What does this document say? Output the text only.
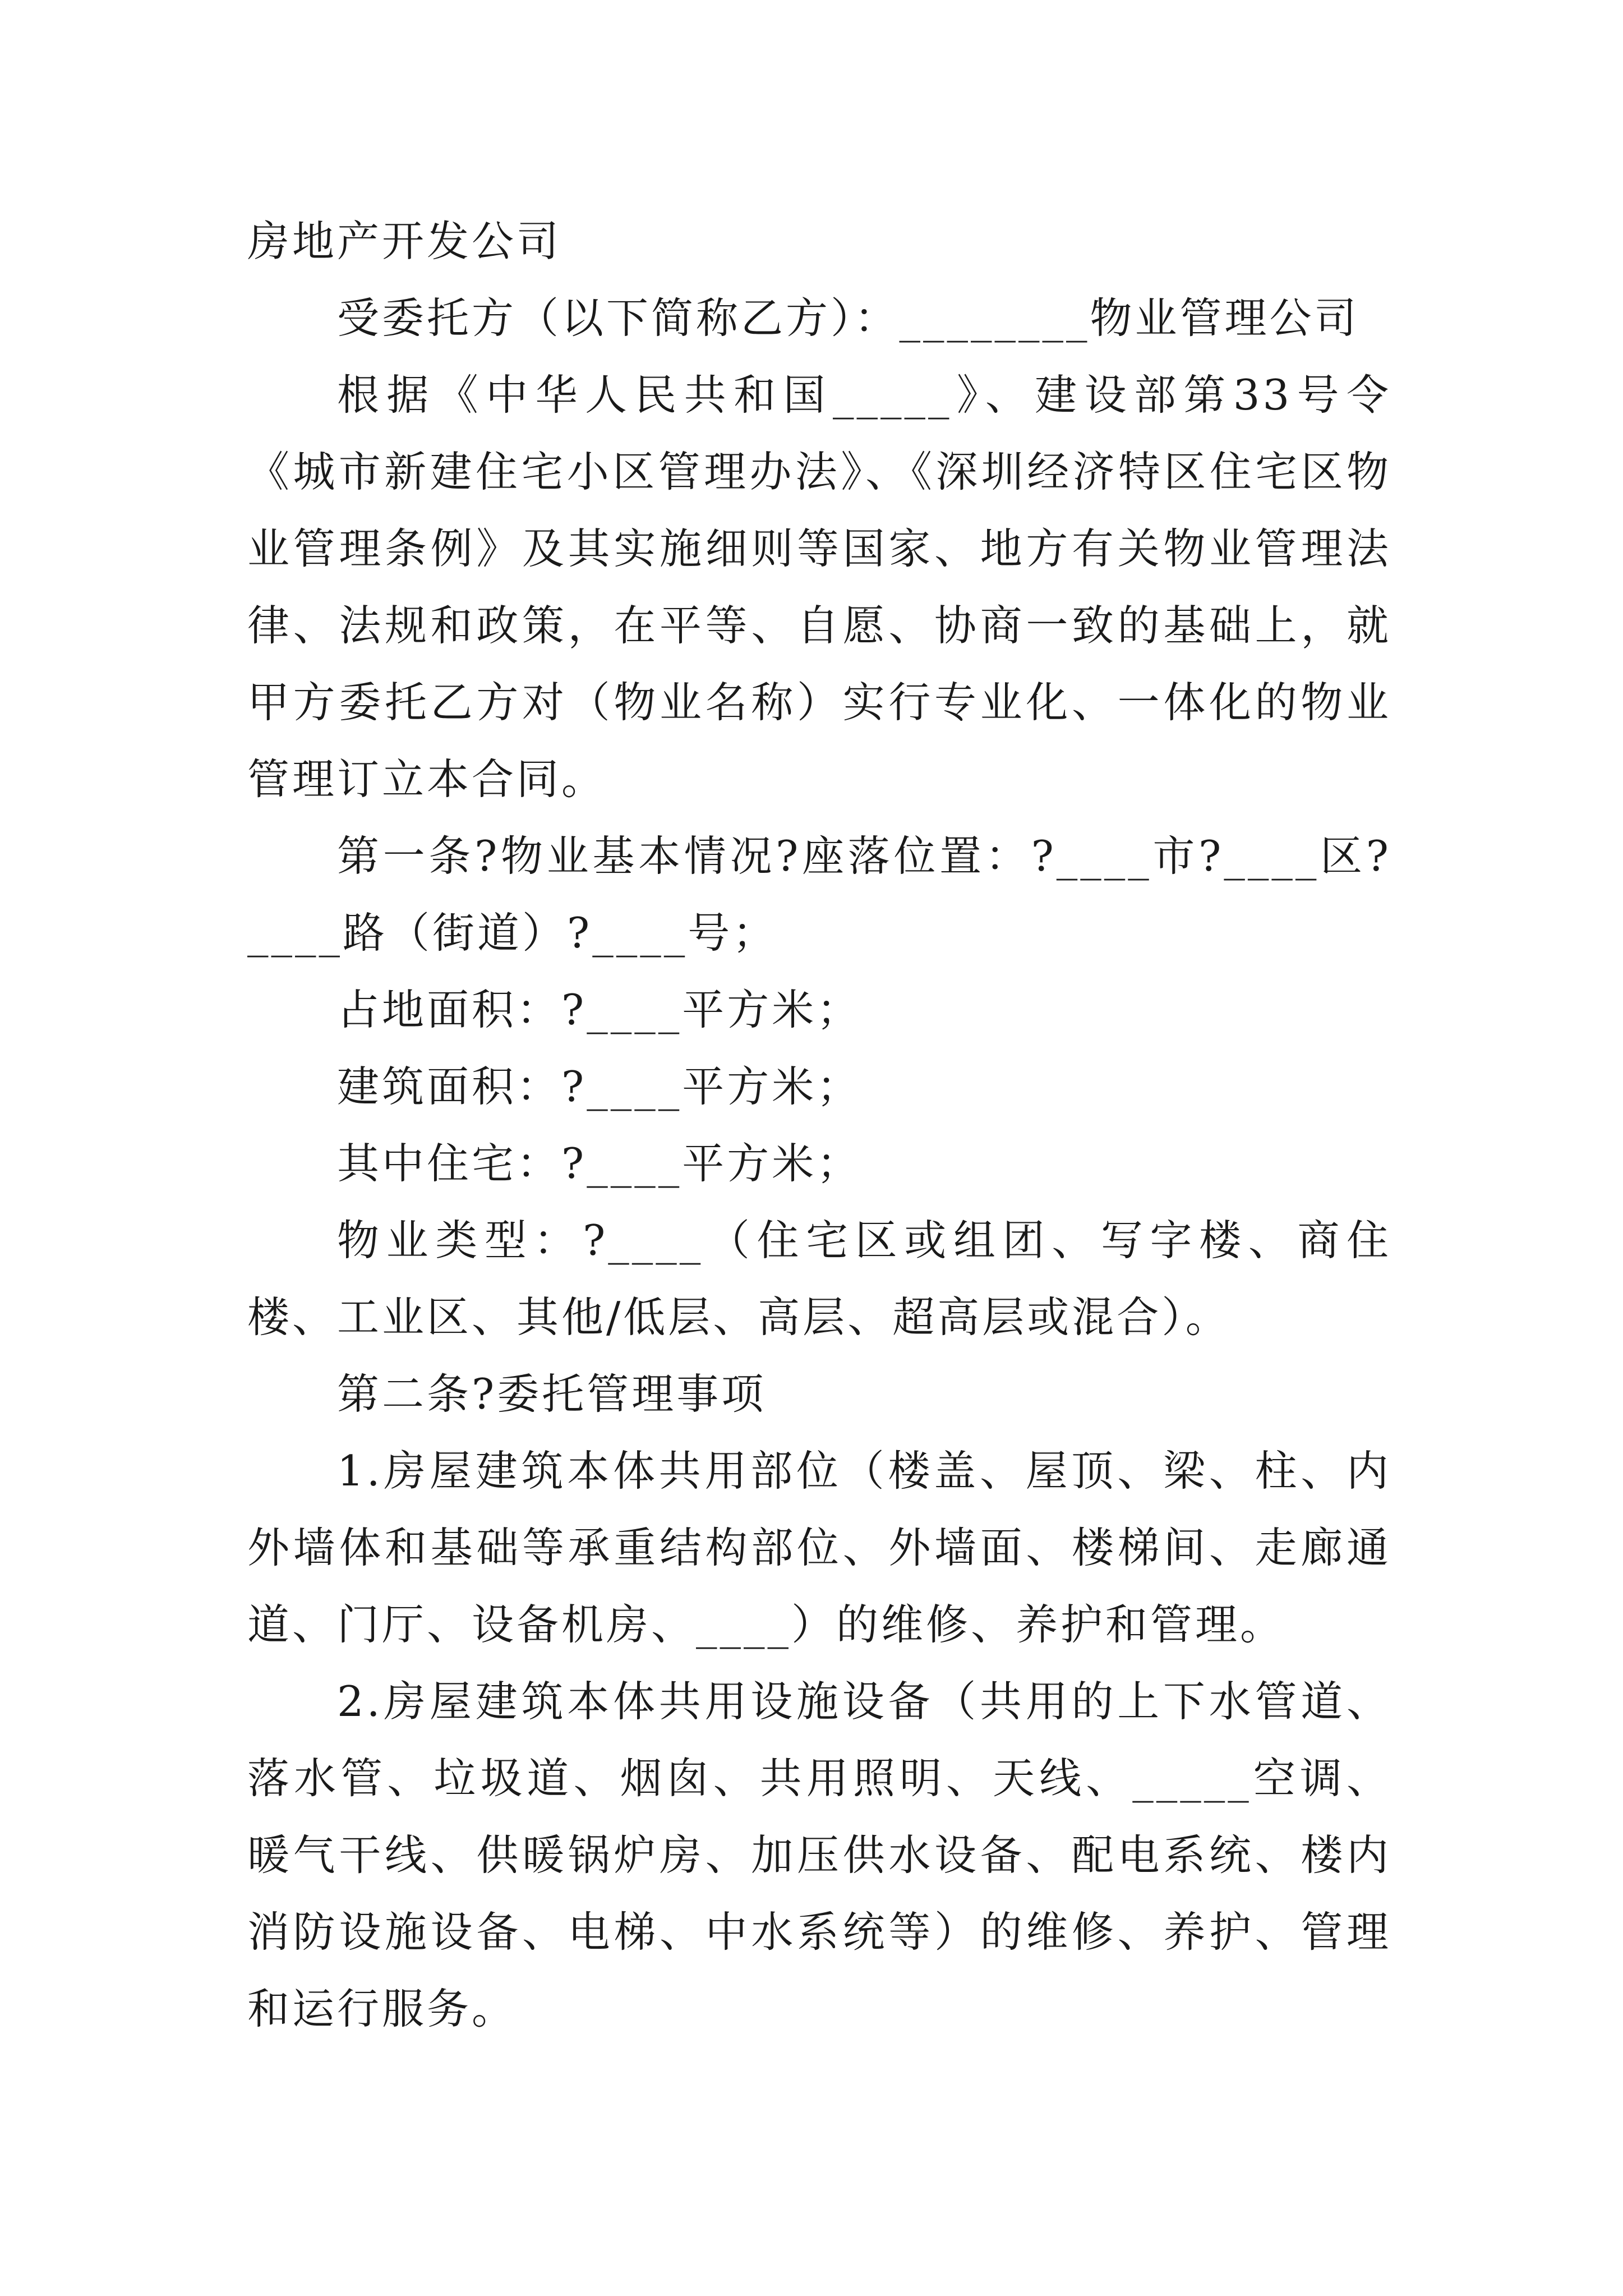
房地产开发公司

受委托方（以下简称乙方）：________物业管理公司

根据《中华人民共和国_____》、建设部第33号令《城市新建住宅小区管理办法》、《深圳经济特区住宅区物业管理条例》及其实施细则等国家、地方有关物业管理法律、法规和政策，在平等、自愿、协商一致的基础上，就甲方委托乙方对（物业名称）实行专业化、一体化的物业管理订立本合同。

第一条?物业基本情况?座落位置：?____市?____区?____路（街道）?____号；

占地面积：?____平方米；

建筑面积：?____平方米；

其中住宅：?____平方米；

物业类型：?____（住宅区或组团、写字楼、商住楼、工业区、其他/低层、高层、超高层或混合）。

第二条?委托管理事项

1.房屋建筑本体共用部位（楼盖、屋顶、梁、柱、内外墙体和基础等承重结构部位、外墙面、楼梯间、走廊通道、门厅、设备机房、____）的维修、养护和管理。

2.房屋建筑本体共用设施设备（共用的上下水管道、落水管、垃圾道、烟囱、共用照明、天线、_____空调、暖气干线、供暖锅炉房、加压供水设备、配电系统、楼内消防设施设备、电梯、中水系统等）的维修、养护、管理和运行服务。
